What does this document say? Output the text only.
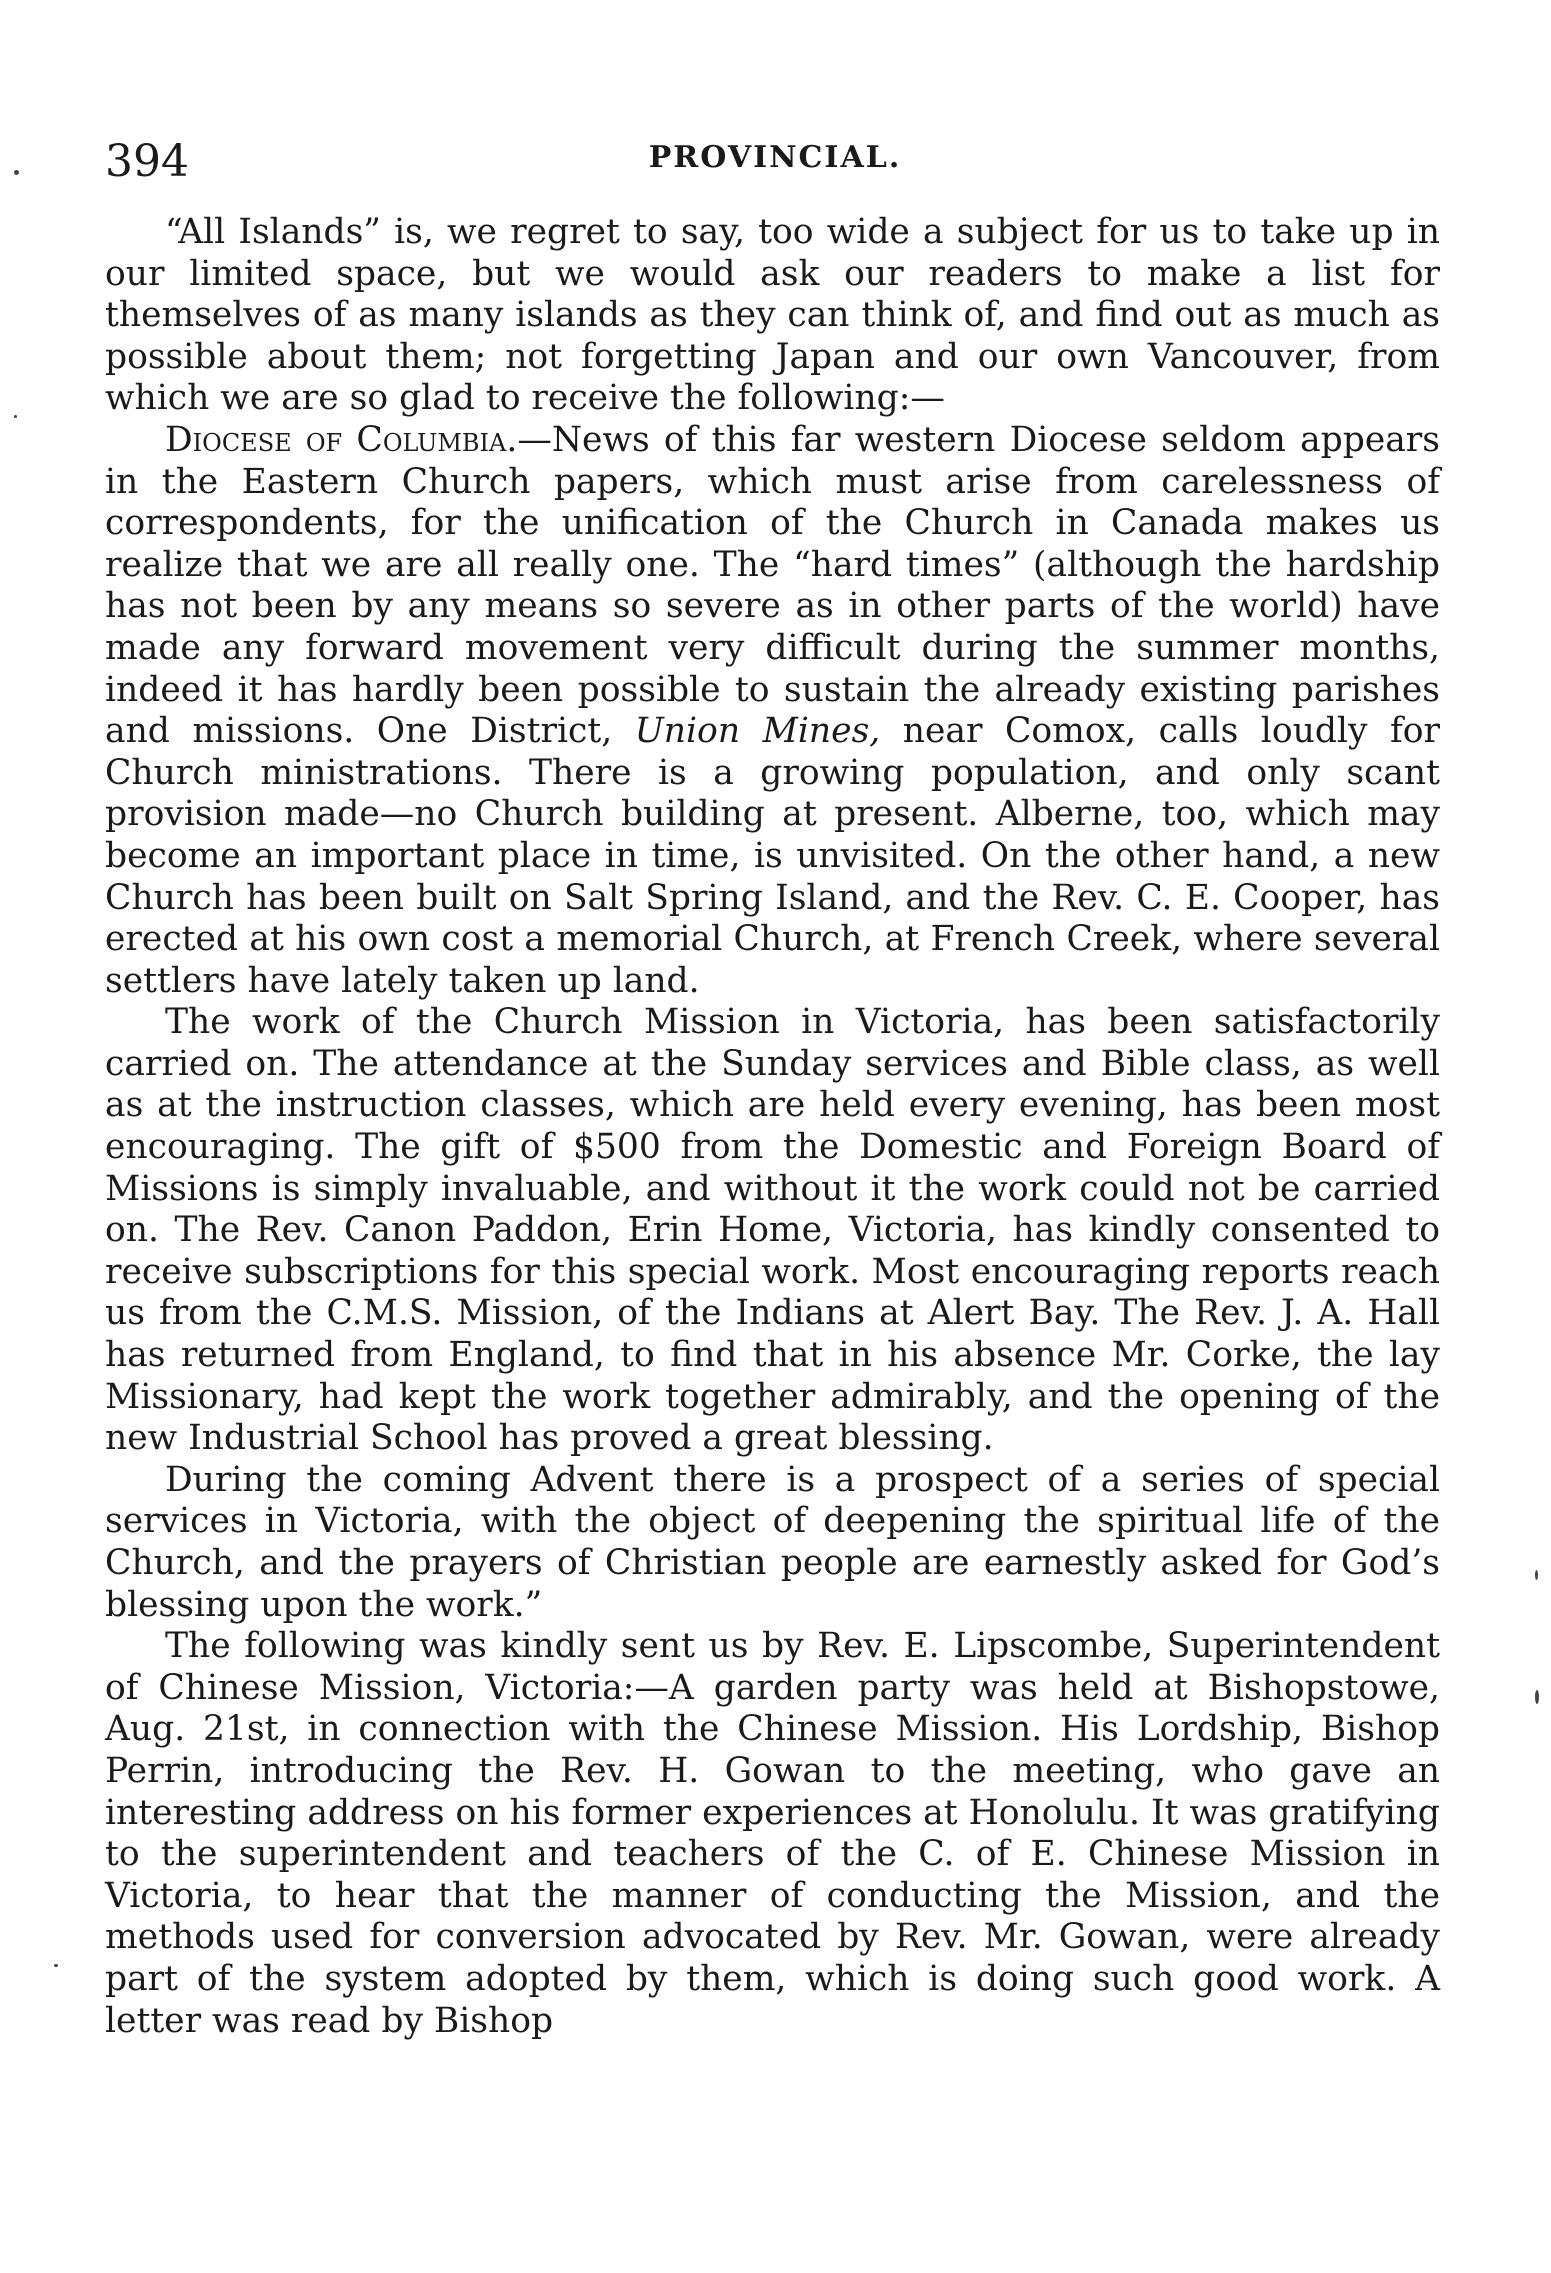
394	PROVINCIAL.

“All Islands” is, we regret to say, too wide a subject for us to take up in our limited space, but we would ask our readers to make a list for themselves of as many islands as they can think of, and find out as much as possible about them; not forgetting Japan and our own Vancouver, from which we are so glad to receive the following:—

Diocese of Columbia.—News of this far western Diocese seldom appears in the Eastern Church papers, which must arise from carelessness of correspondents, for the unification of the Church in Canada makes us realize that we are all really one. The “hard times” (although the hardship has not been by any means so severe as in other parts of the world) have made any forward movement very difficult during the summer months, indeed it has hardly been possible to sustain the already existing parishes and missions. One District, Union Mines, near Comox, calls loudly for Church ministrations. There is a growing population, and only scant provision made—no Church building at present. Alberne, too, which may become an important place in time, is unvisited. On the other hand, a new Church has been built on Salt Spring Island, and the Rev. C. E. Cooper, has erected at his own cost a memorial Church, at French Creek, where several settlers have lately taken up land.

The work of the Church Mission in Victoria, has been satisfactorily carried on. The attendance at the Sunday services and Bible class, as well as at the instruction classes, which are held every evening, has been most encouraging. The gift of $500 from the Domestic and Foreign Board of Missions is simply invaluable, and without it the work could not be carried on. The Rev. Canon Paddon, Erin Home, Victoria, has kindly consented to receive subscriptions for this special work. Most encouraging reports reach us from the C.M.S. Mission, of the Indians at Alert Bay. The Rev. J. A. Hall has returned from England, to find that in his absence Mr. Corke, the lay Missionary, had kept the work together admirably, and the opening of the new Industrial School has proved a great blessing.

During the coming Advent there is a prospect of a series of special services in Victoria, with the object of deepening the spiritual life of the Church, and the prayers of Christian people are earnestly asked for God’s blessing upon the work.”

The following was kindly sent us by Rev. E. Lipscombe, Superintendent of Chinese Mission, Victoria:—A garden party was held at Bishopstowe, Aug. 21st, in connection with the Chinese Mission. His Lordship, Bishop Perrin, introducing the Rev. H. Gowan to the meeting, who gave an interesting address on his former experiences at Honolulu. It was gratifying to the superintendent and teachers of the C. of E. Chinese Mission in Victoria, to hear that the manner of conducting the Mission, and the methods used for conversion advocated by Rev. Mr. Gowan, were already part of the system adopted by them, which is doing such good work. A letter was read by Bishop
